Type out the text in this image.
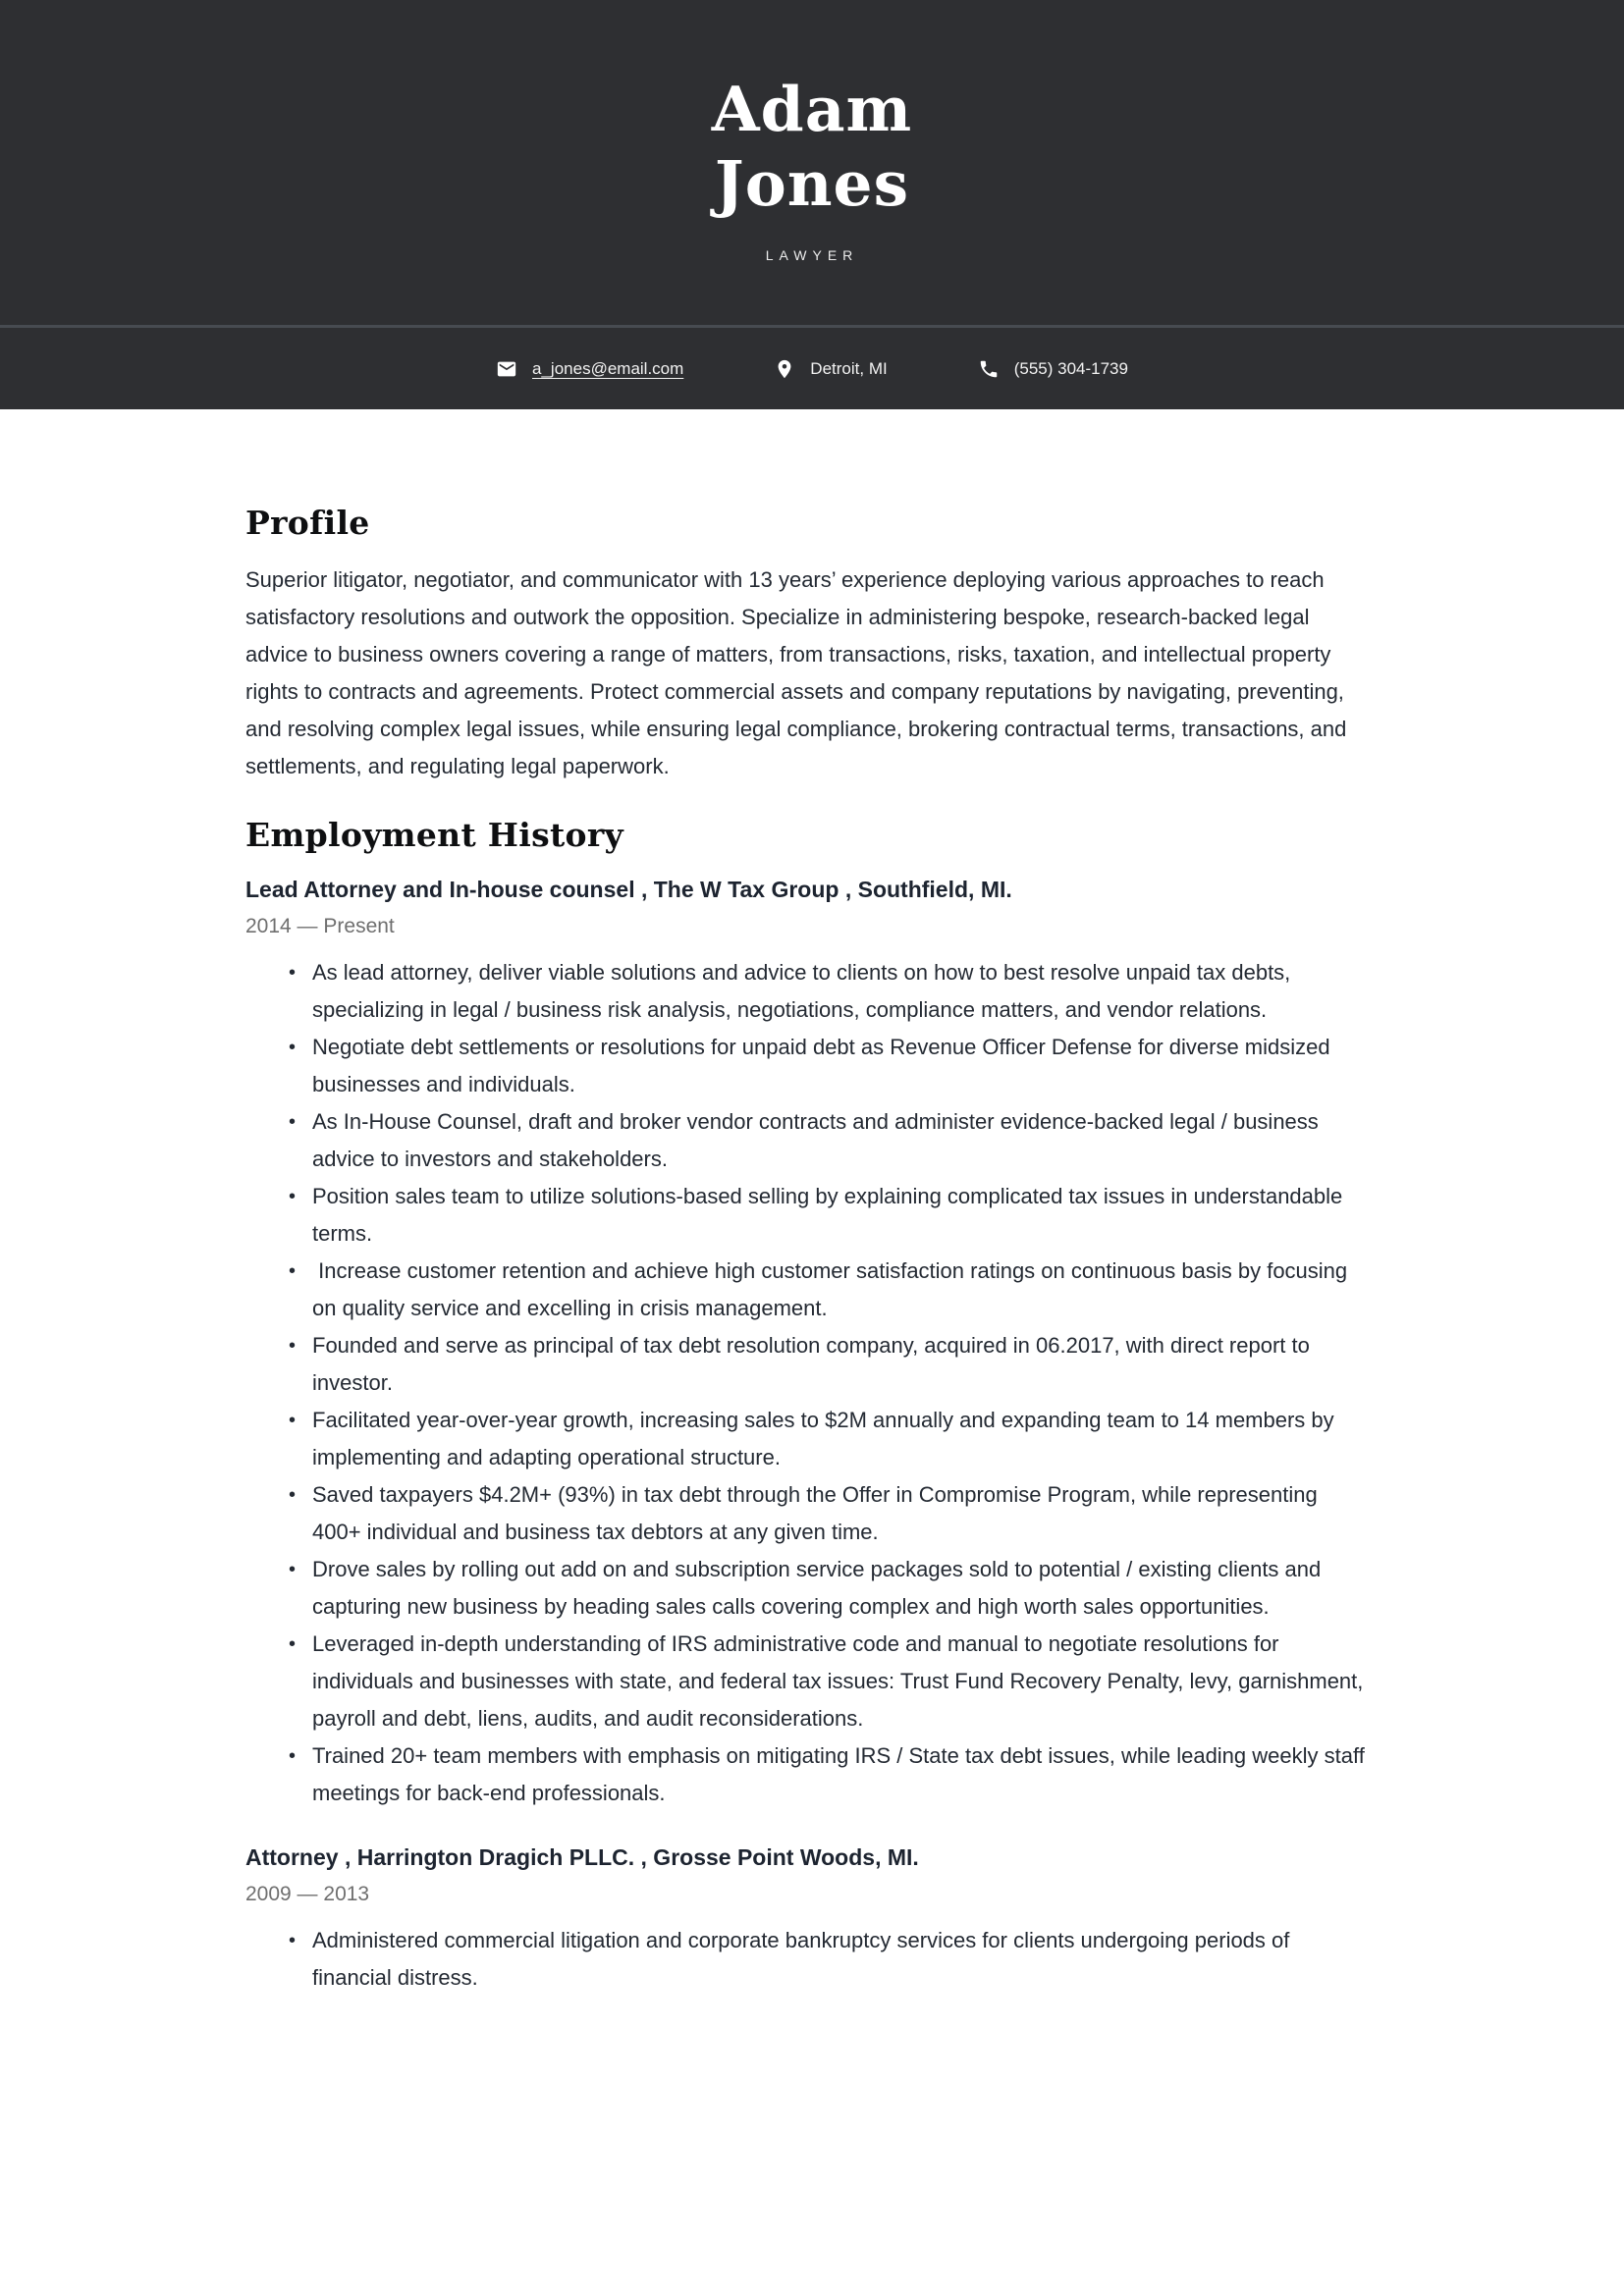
Adam
Jones
LAWYER
a_jones@email.com	Detroit, MI	(555) 304-1739
Profile

Superior litigator, negotiator, and communicator with 13 years’ experience deploying various approaches to reach satisfactory resolutions and outwork the opposition. Specialize in administering bespoke, research-backed legal advice to business owners covering a range of matters, from transactions, risks, taxation, and intellectual property rights to contracts and agreements. Protect commercial assets and company reputations by navigating, preventing, and resolving complex legal issues, while ensuring legal compliance, brokering contractual terms, transactions, and settlements, and regulating legal paperwork.

Employment History
Lead Attorney and In-house counsel , The W Tax Group , Southfield, MI.
2014 — Present
• As lead attorney, deliver viable solutions and advice to clients on how to best resolve unpaid tax debts, specializing in legal / business risk analysis, negotiations, compliance matters, and vendor relations.
• Negotiate debt settlements or resolutions for unpaid debt as Revenue Officer Defense for diverse midsized businesses and individuals.
• As In-House Counsel, draft and broker vendor contracts and administer evidence-backed legal / business advice to investors and stakeholders.
• Position sales team to utilize solutions-based selling by explaining complicated tax issues in understandable terms.
•  Increase customer retention and achieve high customer satisfaction ratings on continuous basis by focusing on quality service and excelling in crisis management.
• Founded and serve as principal of tax debt resolution company, acquired in 06.2017, with direct report to investor.
• Facilitated year-over-year growth, increasing sales to $2M annually and expanding team to 14 members by implementing and adapting operational structure.
• Saved taxpayers $4.2M+ (93%) in tax debt through the Offer in Compromise Program, while representing 400+ individual and business tax debtors at any given time.
• Drove sales by rolling out add on and subscription service packages sold to potential / existing clients and capturing new business by heading sales calls covering complex and high worth sales opportunities.
• Leveraged in-depth understanding of IRS administrative code and manual to negotiate resolutions for individuals and businesses with state, and federal tax issues: Trust Fund Recovery Penalty, levy, garnishment, payroll and debt, liens, audits, and audit reconsiderations.
• Trained 20+ team members with emphasis on mitigating IRS / State tax debt issues, while leading weekly staff meetings for back-end professionals.
Attorney , Harrington Dragich PLLC. , Grosse Point Woods, MI.
2009 — 2013
• Administered commercial litigation and corporate bankruptcy services for clients undergoing periods of financial distress.
